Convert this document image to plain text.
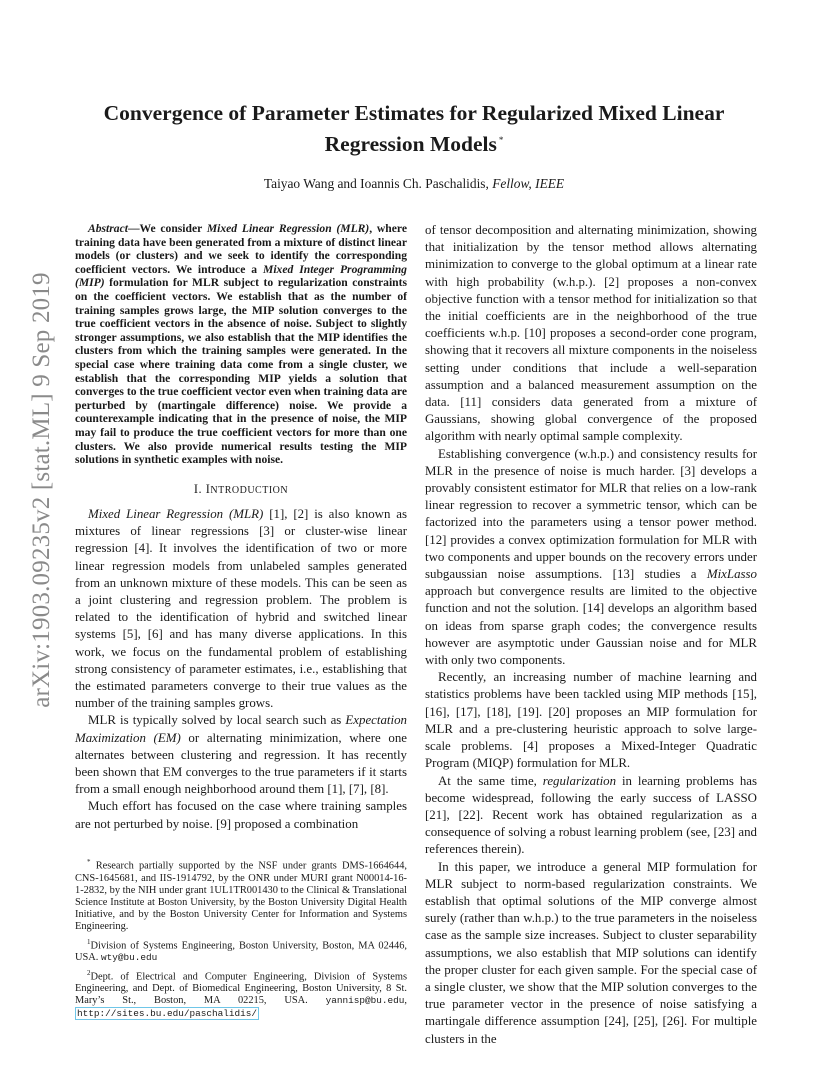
arXiv:1903.09235v2 [stat.ML] 9 Sep 2019
Convergence of Parameter Estimates for Regularized Mixed Linear Regression Models *
Taiyao Wang and Ioannis Ch. Paschalidis, Fellow, IEEE

Abstract—We consider Mixed Linear Regression (MLR), where training data have been generated from a mixture of distinct linear models (or clusters) and we seek to identify the corresponding coefficient vectors. We introduce a Mixed Integer Programming (MIP) formulation for MLR subject to regularization constraints on the coefficient vectors. We establish that as the number of training samples grows large, the MIP solution converges to the true coefficient vectors in the absence of noise. Subject to slightly stronger assumptions, we also establish that the MIP identifies the clusters from which the training samples were generated. In the special case where training data come from a single cluster, we establish that the corresponding MIP yields a solution that converges to the true coefficient vector even when training data are perturbed by (martingale difference) noise. We provide a counterexample indicating that in the presence of noise, the MIP may fail to produce the true coefficient vectors for more than one clusters. We also provide numerical results testing the MIP solutions in synthetic examples with noise.

I. INTRODUCTION

Mixed Linear Regression (MLR) [1], [2] is also known as mixtures of linear regressions [3] or cluster-wise linear regression [4]. It involves the identification of two or more linear regression models from unlabeled samples generated from an unknown mixture of these models. This can be seen as a joint clustering and regression problem. The problem is related to the identification of hybrid and switched linear systems [5], [6] and has many diverse applications. In this work, we focus on the fundamental problem of establishing strong consistency of parameter estimates, i.e., establishing that the estimated parameters converge to their true values as the number of the training samples grows.

MLR is typically solved by local search such as Expectation Maximization (EM) or alternating minimization, where one alternates between clustering and regression. It has recently been shown that EM converges to the true parameters if it starts from a small enough neighborhood around them [1], [7], [8].

Much effort has focused on the case where training samples are not perturbed by noise. [9] proposed a combination

* Research partially supported by the NSF under grants DMS-1664644, CNS-1645681, and IIS-1914792, by the ONR under MURI grant N00014-16-1-2832, by the NIH under grant 1UL1TR001430 to the Clinical & Translational Science Institute at Boston University, by the Boston University Digital Health Initiative, and by the Boston University Center for Information and Systems Engineering.

$^1$Division of Systems Engineering, Boston University, Boston, MA 02446, USA. wty@bu.edu

$^2$Dept. of Electrical and Computer Engineering, Division of Systems Engineering, and Dept. of Biomedical Engineering, Boston University, 8 St. Mary’s St., Boston, MA 02215, USA. yannisp@bu.edu, http://sites.bu.edu/paschalidis/

of tensor decomposition and alternating minimization, showing that initialization by the tensor method allows alternating minimization to converge to the global optimum at a linear rate with high probability (w.h.p.). [2] proposes a non-convex objective function with a tensor method for initialization so that the initial coefficients are in the neighborhood of the true coefficients w.h.p. [10] proposes a second-order cone program, showing that it recovers all mixture components in the noiseless setting under conditions that include a well-separation assumption and a balanced measurement assumption on the data. [11] considers data generated from a mixture of Gaussians, showing global convergence of the proposed algorithm with nearly optimal sample complexity.

Establishing convergence (w.h.p.) and consistency results for MLR in the presence of noise is much harder. [3] develops a provably consistent estimator for MLR that relies on a low-rank linear regression to recover a symmetric tensor, which can be factorized into the parameters using a tensor power method. [12] provides a convex optimization formulation for MLR with two components and upper bounds on the recovery errors under subgaussian noise assumptions. [13] studies a MixLasso approach but convergence results are limited to the objective function and not the solution. [14] develops an algorithm based on ideas from sparse graph codes; the convergence results however are asymptotic under Gaussian noise and for MLR with only two components.

Recently, an increasing number of machine learning and statistics problems have been tackled using MIP methods [15], [16], [17], [18], [19]. [20] proposes an MIP formulation for MLR and a pre-clustering heuristic approach to solve large-scale problems. [4] proposes a Mixed-Integer Quadratic Program (MIQP) formulation for MLR.

At the same time, regularization in learning problems has become widespread, following the early success of LASSO [21], [22]. Recent work has obtained regularization as a consequence of solving a robust learning problem (see, [23] and references therein).

In this paper, we introduce a general MIP formulation for MLR subject to norm-based regularization constraints. We establish that optimal solutions of the MIP converge almost surely (rather than w.h.p.) to the true parameters in the noiseless case as the sample size increases. Subject to cluster separability assumptions, we also establish that MIP solutions can identify the proper cluster for each given sample. For the special case of a single cluster, we show that the MIP solution converges to the true parameter vector in the presence of noise satisfying a martingale difference assumption [24], [25], [26]. For multiple clusters in the
